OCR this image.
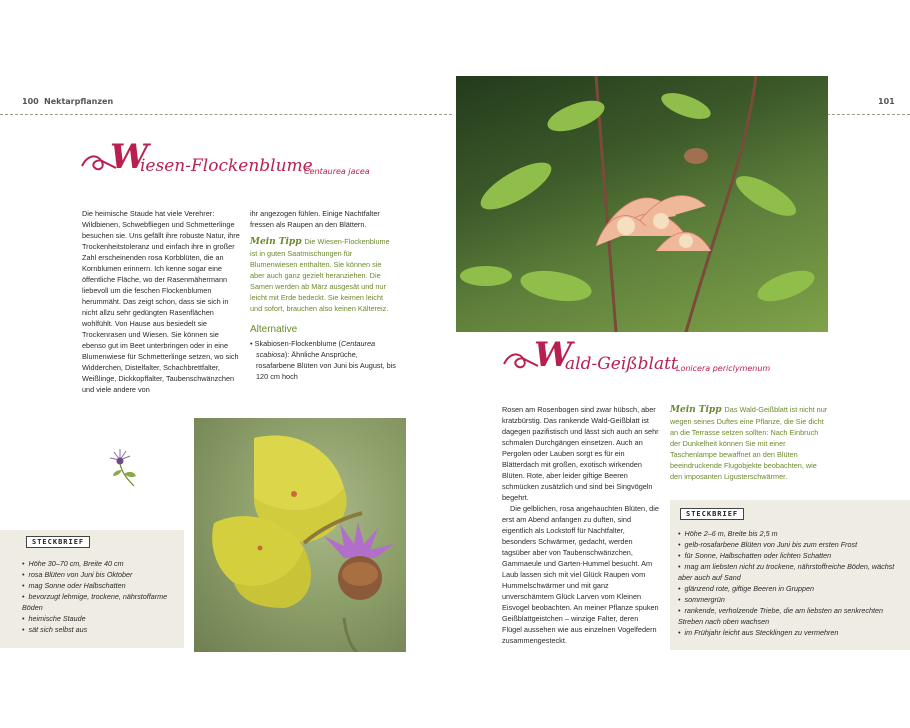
100 Nektarpflanzen
W
iesen-Flockenblume
Centaurea jacea

Die heimische Staude hat viele Verehrer: Wildbienen, Schwebfliegen und Schmetterlinge besuchen sie. Uns gefällt ihre robuste Natur, ihre Trockenheitstoleranz und einfach ihre in großer Zahl erscheinenden rosa Korbblüten, die an Kornblumen erinnern. Ich kenne sogar eine öffentliche Fläche, wo der Rasenmähermann liebevoll um die feschen Flockenblumen herummäht. Das zeigt schon, dass sie sich in nicht allzu sehr gedüngten Rasenflächen wohlfühlt. Von Hause aus besiedelt sie Trockenrasen und Wiesen. Sie können sie ebenso gut im Beet unterbringen oder in eine Blumenwiese für Schmetterlinge setzen, wo sich Widderchen, Distelfalter, Schachbrettfalter, Weißlinge, Dickkopffalter, Taubenschwänzchen und viele andere von

ihr angezogen fühlen. Einige Nachtfalter fressen als Raupen an den Blättern.

Mein Tipp Die Wiesen-Flockenblume ist in guten Saatmischungen für Blumenwiesen enthalten. Sie können sie aber auch ganz gezielt heranziehen. Die Samen werden ab März ausgesät und nur leicht mit Erde bedeckt. Sie keimen leicht und sofort, brauchen also keinen Kältereiz.

Alternative

• Skabiosen-Flockenblume (Centaurea scabiosa): Ähnliche Ansprüche, rosafarbene Blüten von Juni bis August, bis 120 cm hoch

STECKBRIEF
• Höhe 30–70 cm, Breite 40 cm
• rosa Blüten von Juni bis Oktober
• mag Sonne oder Halbschatten
• bevorzugt lehmige, trockene, nährstoffarme Böden
• heimische Staude
• sät sich selbst aus
101
W
ald-Geißblatt
Lonicera periclymenum

Rosen am Rosenbogen sind zwar hübsch, aber kratzbürstig. Das rankende Wald-Geißblatt ist dagegen pazifistisch und lässt sich auch an sehr schmalen Durchgängen einsetzen. Auch an Pergolen oder Lauben sorgt es für ein Blätterdach mit großen, exotisch wirkenden Blüten. Rote, aber leider giftige Beeren schmücken zusätzlich und sind bei Singvögeln begehrt.

Die gelblichen, rosa angehauchten Blüten, die erst am Abend anfangen zu duften, sind eigentlich als Lockstoff für Nachtfalter, besonders Schwärmer, gedacht, werden tagsüber aber von Taubenschwänzchen, Gammaeule und Garten-Hummel besucht. Am Laub lassen sich mit viel Glück Raupen vom Hummelschwärmer und mit ganz unverschämtem Glück Larven vom Kleinen Eisvogel beobachten. An meiner Pflanze spuken Geißblattgeistchen – winzige Falter, deren Flügel aussehen wie aus einzelnen Vogelfedern zusammengesteckt.

Mein Tipp Das Wald-Geißblatt ist nicht nur wegen seines Duftes eine Pflanze, die Sie dicht an die Terrasse setzen sollten: Nach Einbruch der Dunkelheit können Sie mit einer Taschenlampe bewaffnet an den Blüten beeindruckende Flugobjekte beobachten, wie den imposanten Ligusterschwärmer.

STECKBRIEF
• Höhe 2–6 m, Breite bis 2,5 m
• gelb-rosafarbene Blüten von Juni bis zum ersten Frost
• für Sonne, Halbschatten oder lichten Schatten
• mag am liebsten nicht zu trockene, nährstoffreiche Böden, wächst aber auch auf Sand
• glänzend rote, giftige Beeren in Gruppen
• sommergrün
• rankende, verholzende Triebe, die am liebsten an senkrechten Streben nach oben wachsen
• im Frühjahr leicht aus Stecklingen zu vermehren
